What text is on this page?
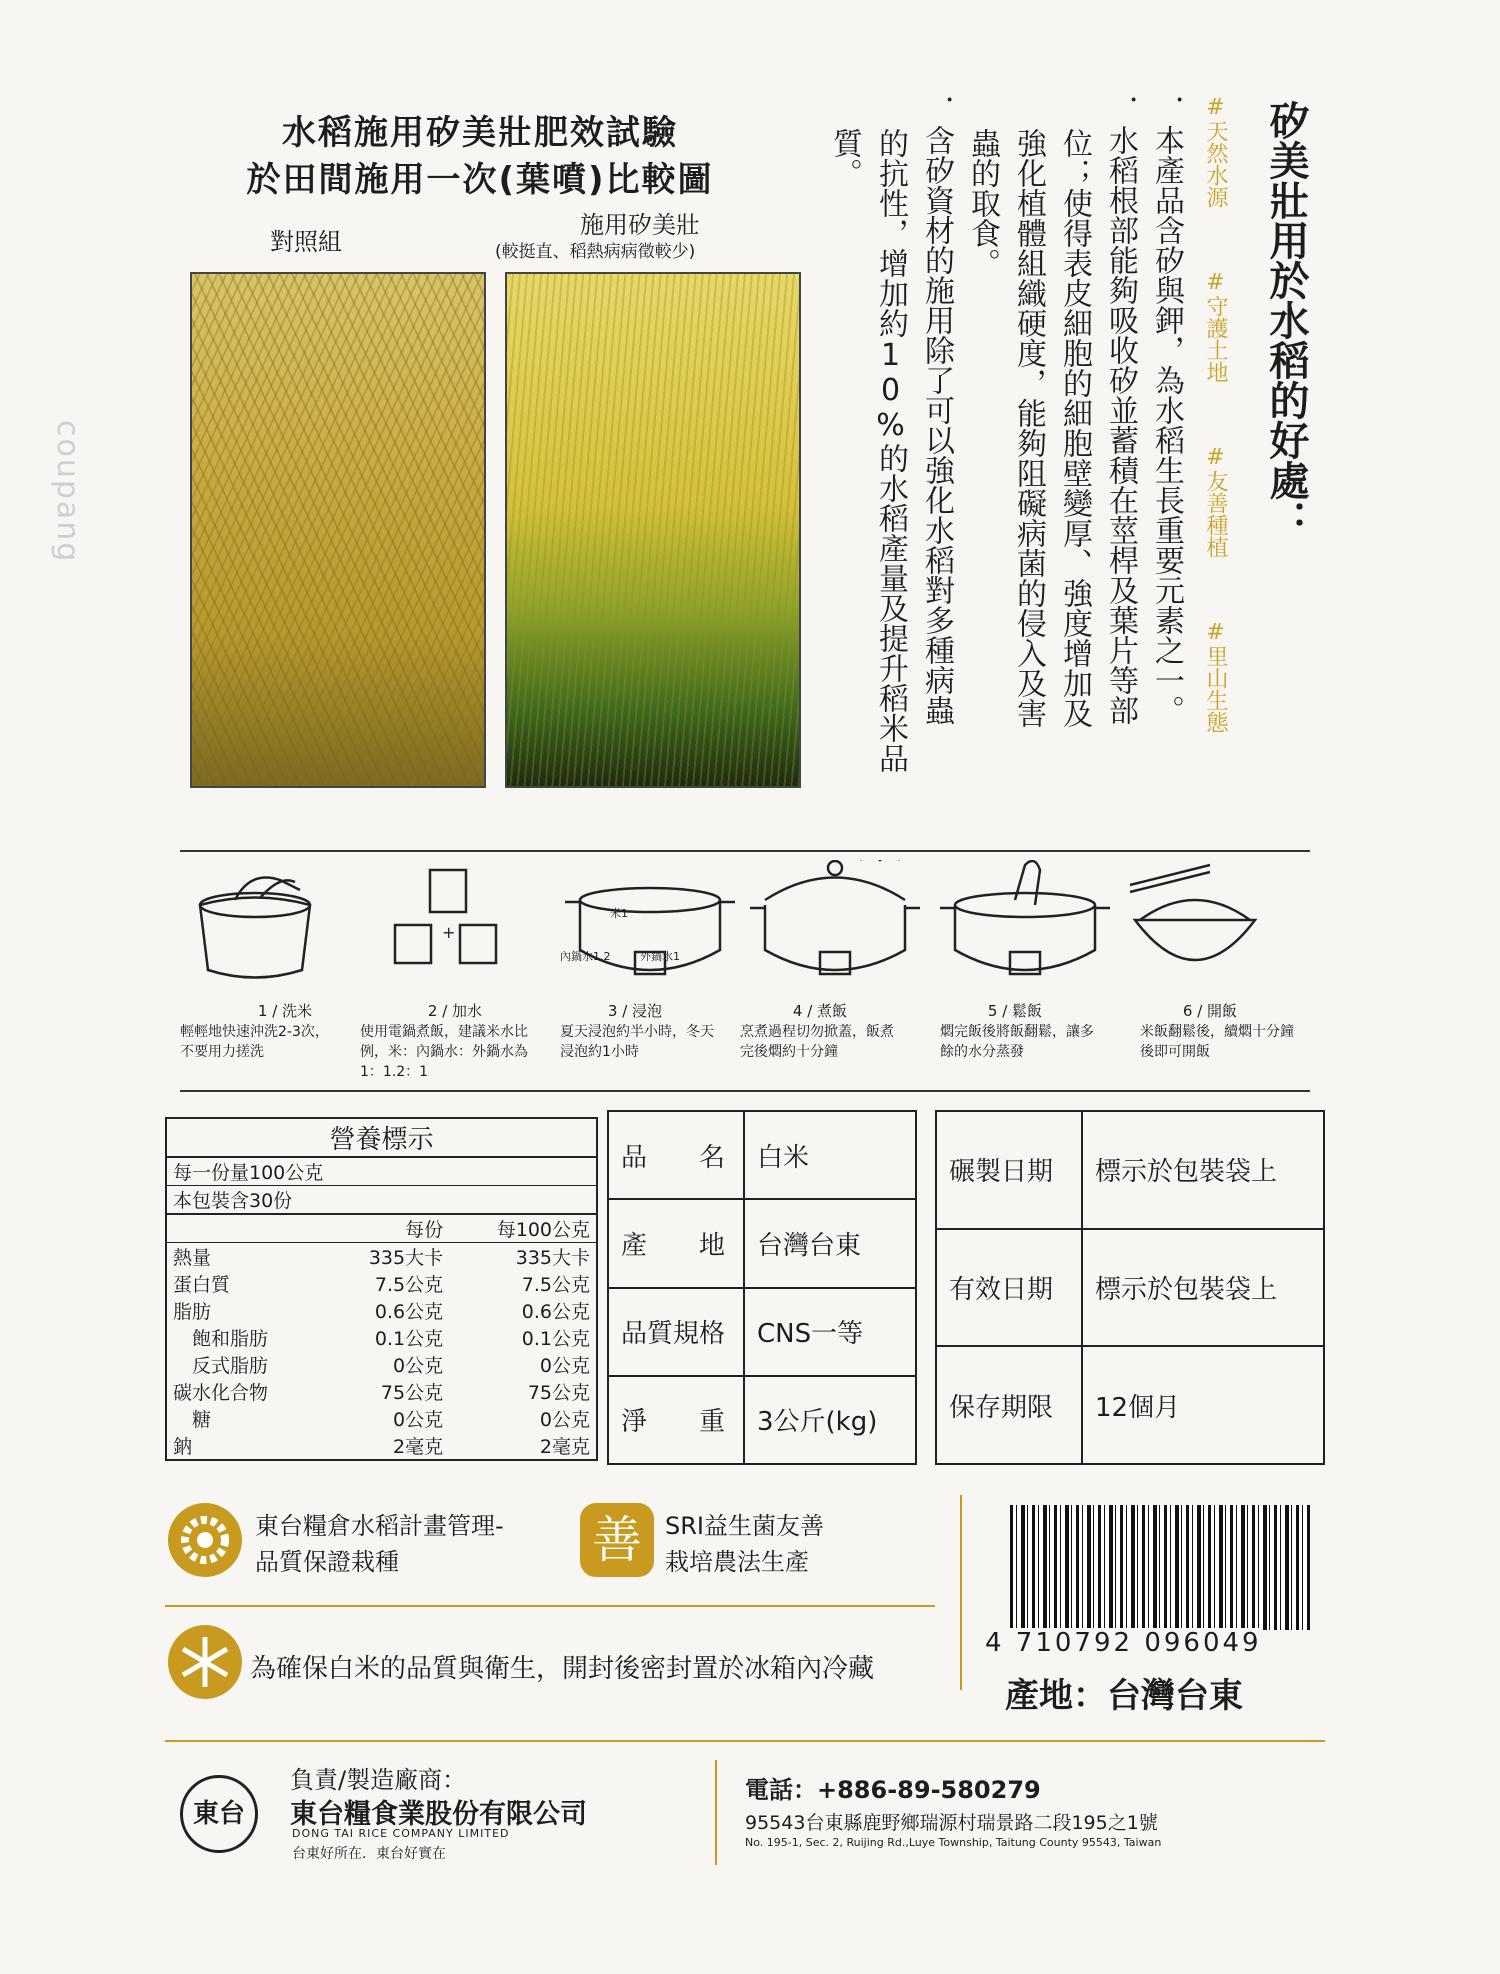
coupang
水稻施用矽美壯肥效試驗
於田間施用一次(葉噴)比較圖
對照組
施用矽美壯
(較挺直、稻熱病病徵較少)	矽美壯用於水稻的好處：
#天然水源
#守護土地
#友善種植
#里山生態
．本產品含矽與鉀，為水稻生長重要元素之一。
．水稻根部能夠吸收矽並蓄積在莖桿及葉片等部
位；使得表皮細胞的細胞壁變厚、強度增加及
強化植體組織硬度，能夠阻礙病菌的侵入及害
蟲的取食。
．含矽資材的施用除了可以強化水稻對多種病蟲
的抗性，增加約10%的水稻產量及提升稻米品
質。
+
內鍋水1.2	外鍋水1
米1
1 / 洗米
輕輕地快速沖洗2-3次，不要用力搓洗
2 / 加水
使用電鍋煮飯，建議米水比例，米：內鍋水：外鍋水為1：1.2：1
3 / 浸泡
夏天浸泡約半小時，冬天浸泡約1小時
4 / 煮飯
烹煮過程切勿掀蓋，飯煮完後燜約十分鐘
5 / 鬆飯
燜完飯後將飯翻鬆，讓多餘的水分蒸發
6 / 開飯
米飯翻鬆後，續燜十分鐘後即可開飯
營養標示		
每一份量100公克		
本包裝含30份		
	每份	每100公克
熱量	335大卡	335大卡
蛋白質	7.5公克	7.5公克
脂肪	0.6公克	0.6公克
　飽和脂肪	0.1公克	0.1公克
　反式脂肪	0公克	0公克
碳水化合物	75公克	75公克
　糖	0公克	0公克
鈉	2毫克	2毫克
品　　名	白米
產　　地	台灣台東
品質規格	CNS一等
淨　　重	3公斤(kg)
碾製日期	標示於包裝袋上
有效日期	標示於包裝袋上
保存期限	12個月
東台糧倉水稻計畫管理-
品質保證栽種	善 SRI益生菌友善
栽培農法生產
為確保白米的品質與衛生，開封後密封置於冰箱內冷藏
4 710792 096049
產地：台灣台東
東台
負責/製造廠商：
東台糧食業股份有限公司
DONG TAI RICE COMPANY LIMITED
台東好所在．東台好實在
電話：+886-89-580279
95543台東縣鹿野鄉瑞源村瑞景路二段195之1號
No. 195-1, Sec. 2, Ruijing Rd.,Luye Township, Taitung County 95543, Taiwan
